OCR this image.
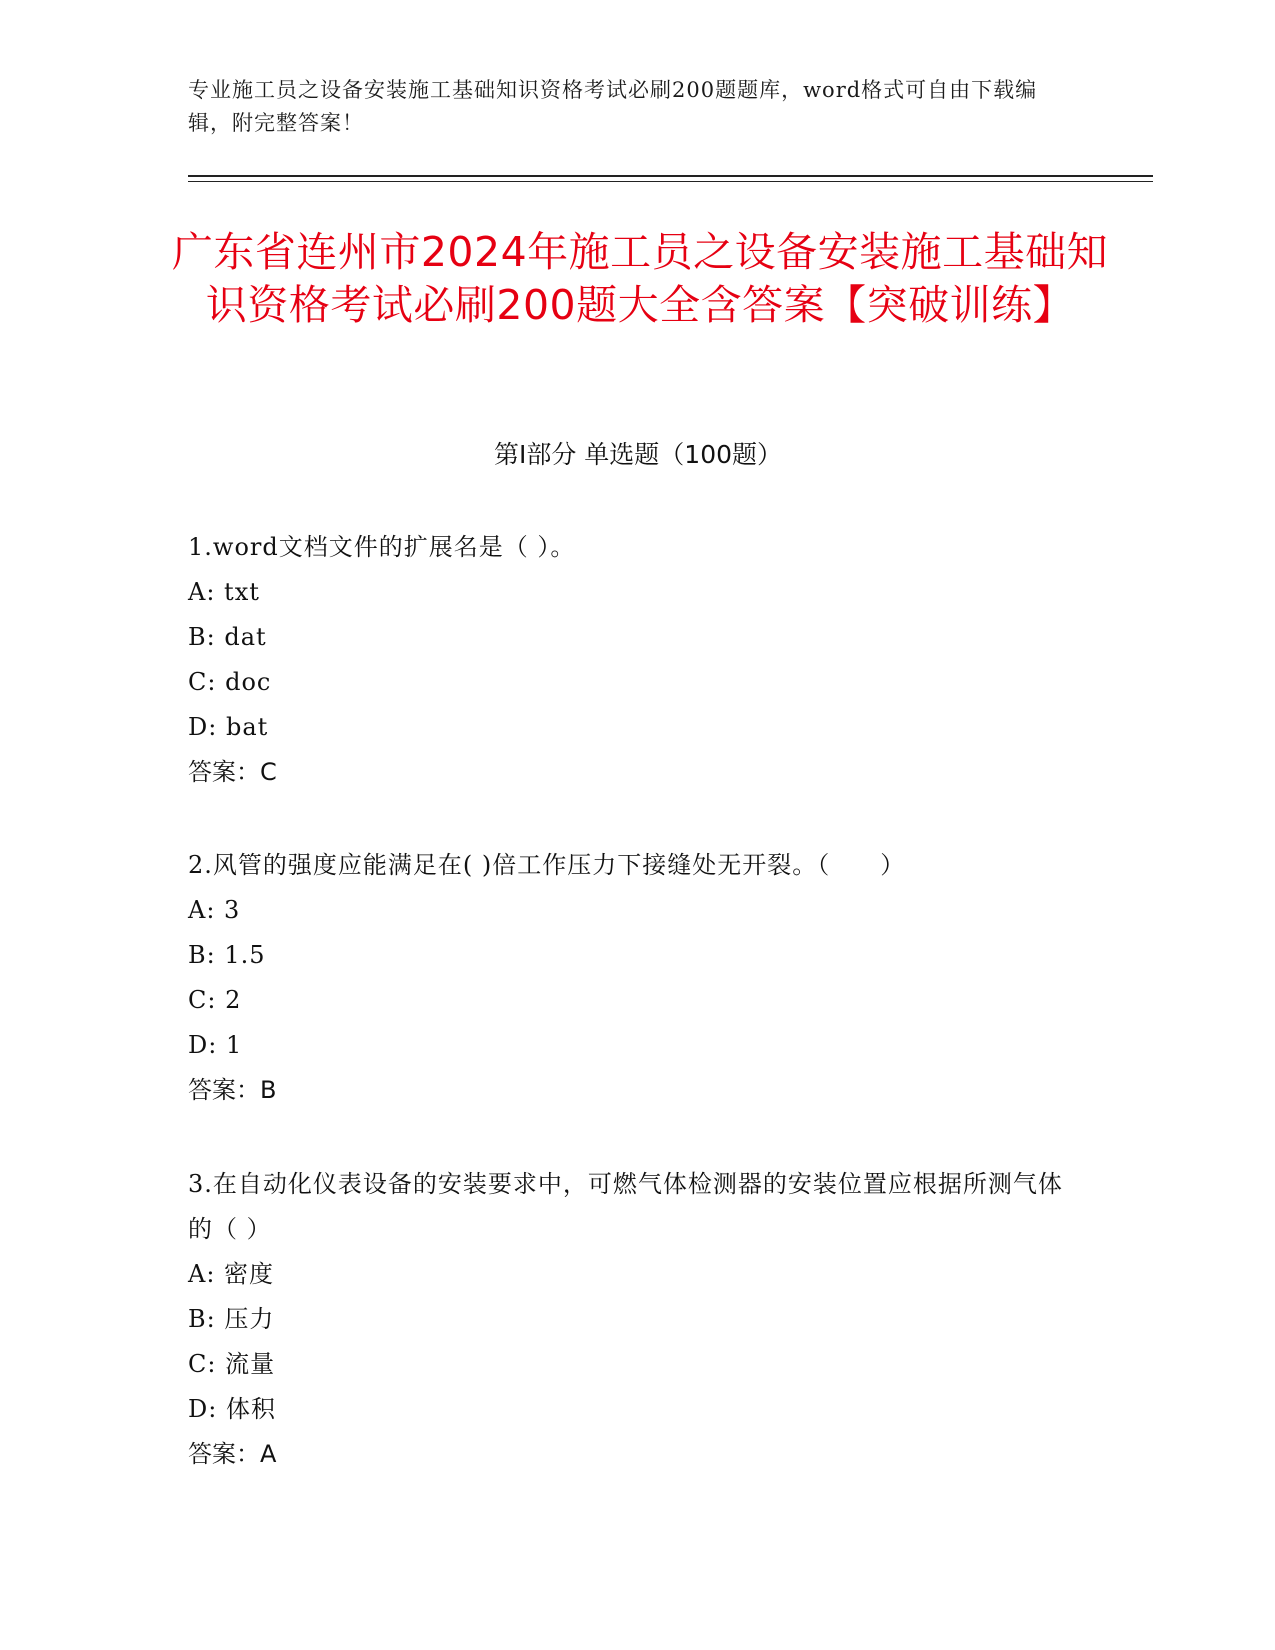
专业施工员之设备安装施工基础知识资格考试必刷200题题库，word格式可自由下载编辑，附完整答案！
广东省连州市2024年施工员之设备安装施工基础知识资格考试必刷200题大全含答案【突破训练】
第I部分 单选题（100题）

1.word文档文件的扩展名是（ ）。

A: txt

B: dat

C: doc

D: bat

答案：C

2.风管的强度应能满足在( )倍工作压力下接缝处无开裂。（　　）

A: 3

B: 1.5

C: 2

D: 1

答案：B

3.在自动化仪表设备的安装要求中，可燃气体检测器的安装位置应根据所测气体的（ ）

A: 密度

B: 压力

C: 流量

D: 体积

答案：A
